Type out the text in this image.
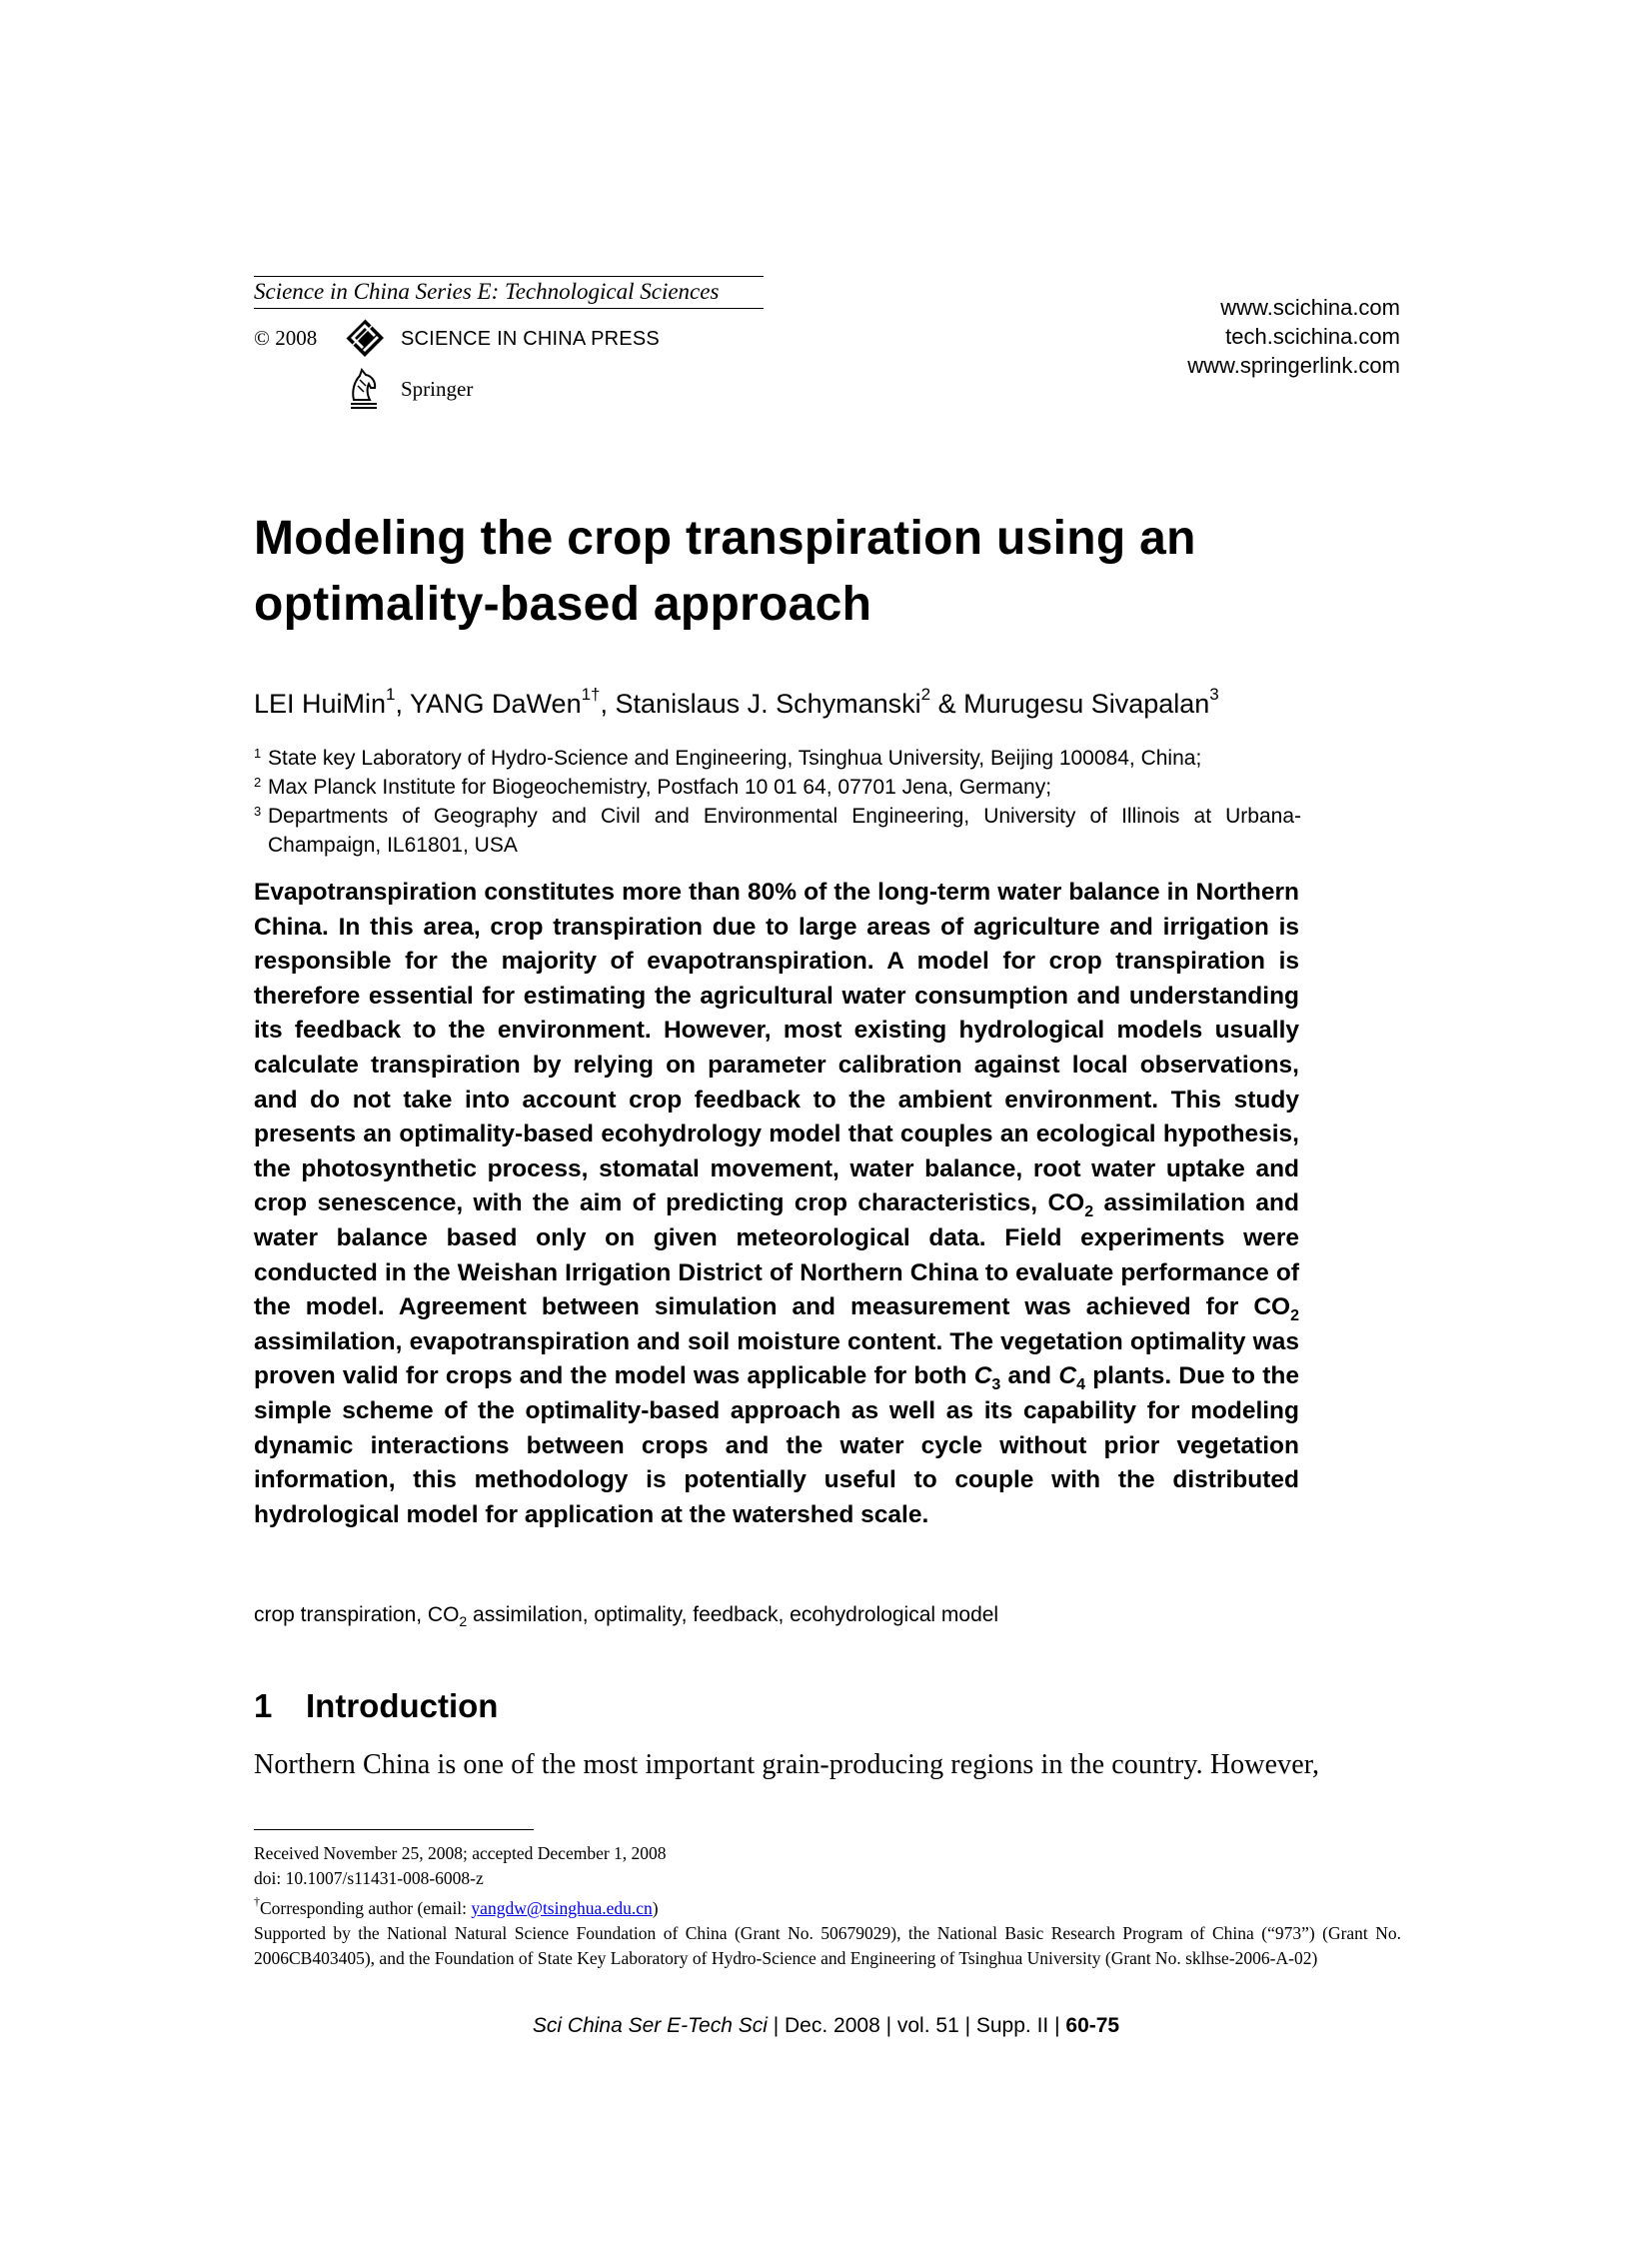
Science in China Series E: Technological Sciences
© 2008	SCIENCE IN CHINA PRESS
Springer
www.scichina.com
tech.scichina.com
www.springerlink.com
Modeling the crop transpiration using an
optimality-based approach
LEI HuiMin$^1$, YANG DaWen$^{1\dagger}$, Stanislaus J. Schymanski$^2$ & Murugesu Sivapalan$^3$
1 State key Laboratory of Hydro-Science and Engineering, Tsinghua University, Beijing 100084, China;
2 Max Planck Institute for Biogeochemistry, Postfach 10 01 64, 07701 Jena, Germany;
3 Departments of Geography and Civil and Environmental Engineering, University of Illinois at Urbana-Champaign, IL61801, USA
Evapotranspiration constitutes more than 80% of the long-term water balance in Northern China. In this area, crop transpiration due to large areas of agriculture and irrigation is responsible for the majority of evapotranspiration. A model for crop transpiration is therefore essential for estimating the agricultural water consumption and understanding its feedback to the environment. However, most existing hydrological models usually calculate transpiration by relying on parameter calibration against local observations, and do not take into account crop feedback to the ambient environment. This study presents an optimality-based ecohydrology model that couples an ecological hypothesis, the photosynthetic process, stomatal movement, water balance, root water uptake and crop senescence, with the aim of predicting crop characteristics, $CO_2$ assimilation and water balance based only on given meteorological data. Field experiments were conducted in the Weishan Irrigation District of Northern China to evaluate performance of the model. Agreement between simulation and measurement was achieved for $CO_2$ assimilation, evapotranspiration and soil moisture content. The vegetation optimality was proven valid for crops and the model was applicable for both $C_3$ and $C_4$ plants. Due to the simple scheme of the optimality-based approach as well as its capability for modeling dynamic interactions between crops and the water cycle without prior vegetation information, this methodology is potentially useful to couple with the distributed hydrological model for application at the watershed scale.
crop transpiration, $CO_2$ assimilation, optimality, feedback, ecohydrological model
1 Introduction
Northern China is one of the most important grain-producing regions in the country. However,
Received November 25, 2008; accepted December 1, 2008
doi: 10.1007/s11431-008-6008-z
†Corresponding author (email: yangdw@tsinghua.edu.cn)
Supported by the National Natural Science Foundation of China (Grant No. 50679029), the National Basic Research Program of China (“973”) (Grant No. 2006CB403405), and the Foundation of State Key Laboratory of Hydro-Science and Engineering of Tsinghua University (Grant No. sklhse-2006-A-02)
Sci China Ser E-Tech Sci | Dec. 2008 | vol. 51 | Supp. II | 60-75
